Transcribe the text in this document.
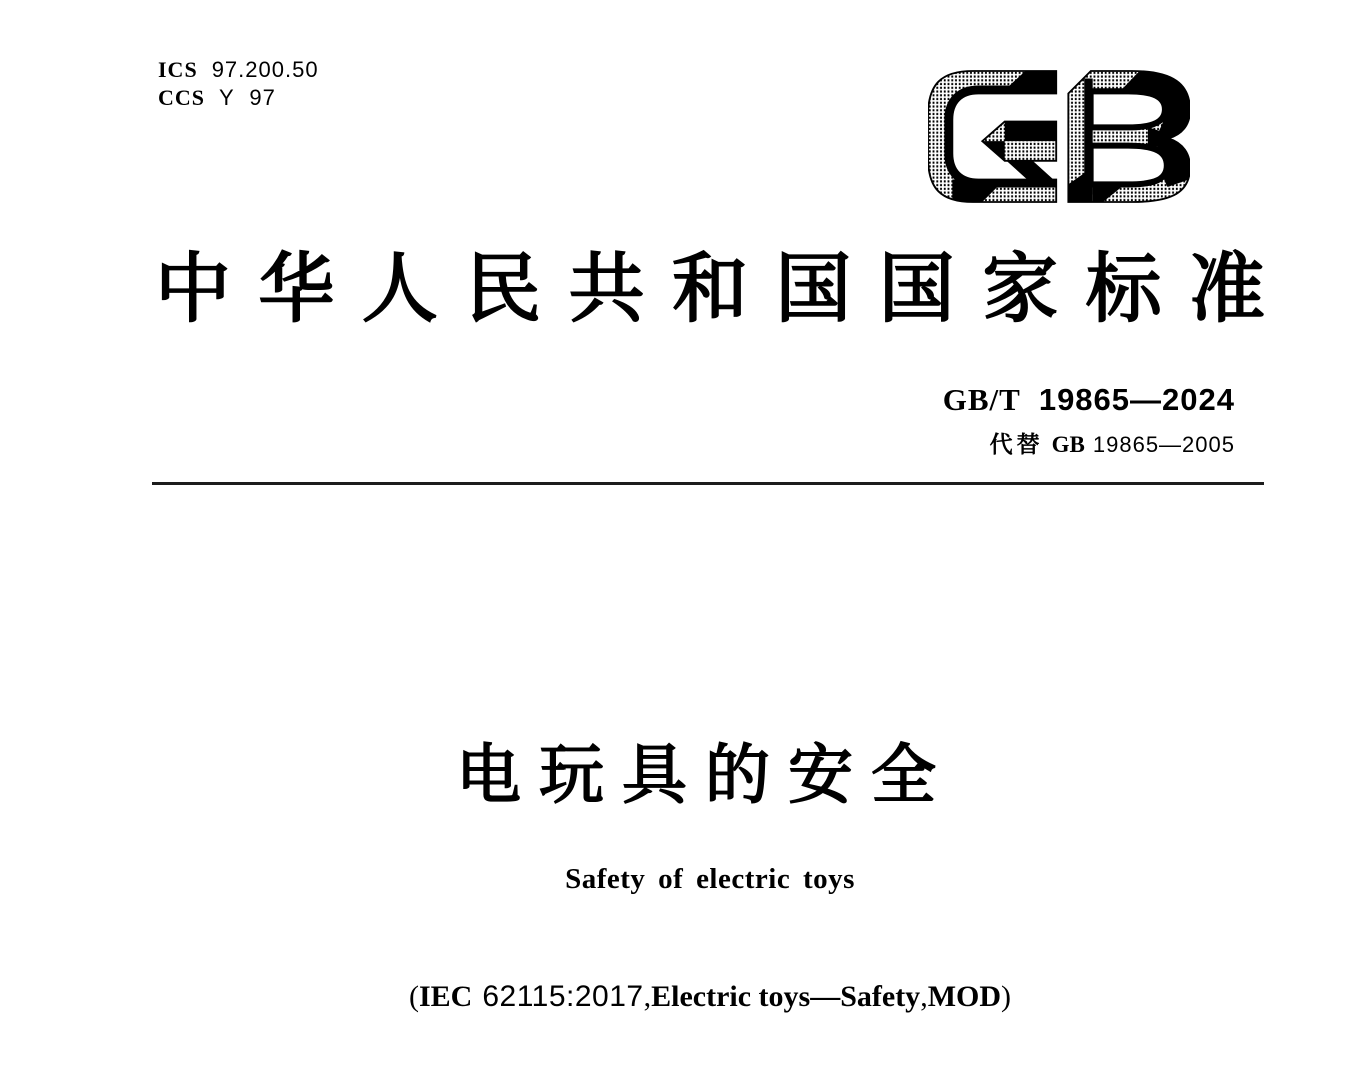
ICS 97.200.50
CCS Y 97
中华人民共和国国家标准
GB/T 19865—2024
代替 GB 19865—2005
电玩具的安全
Safety of electric toys
(IEC 62115:2017,Electric toys—Safety,MOD)
